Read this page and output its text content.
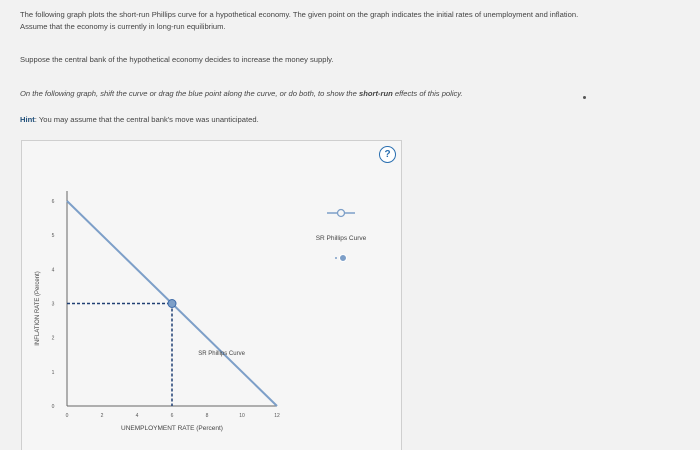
The following graph plots the short-run Phillips curve for a hypothetical economy. The given point on the graph indicates the initial rates of unemployment and inflation. Assume that the economy is currently in long-run equilibrium.
Suppose the central bank of the hypothetical economy decides to increase the money supply.
On the following graph, shift the curve or drag the blue point along the curve, or do both, to show the short-run effects of this policy.
Hint: You may assume that the central bank's move was unanticipated.
?
0
1
2
3
4
5
6
0	2	4	6	8	10	12
UNEMPLOYMENT RATE (Percent)
INFLATION RATE (Percent)
SR Phillips Curve
SR Phillips Curve
